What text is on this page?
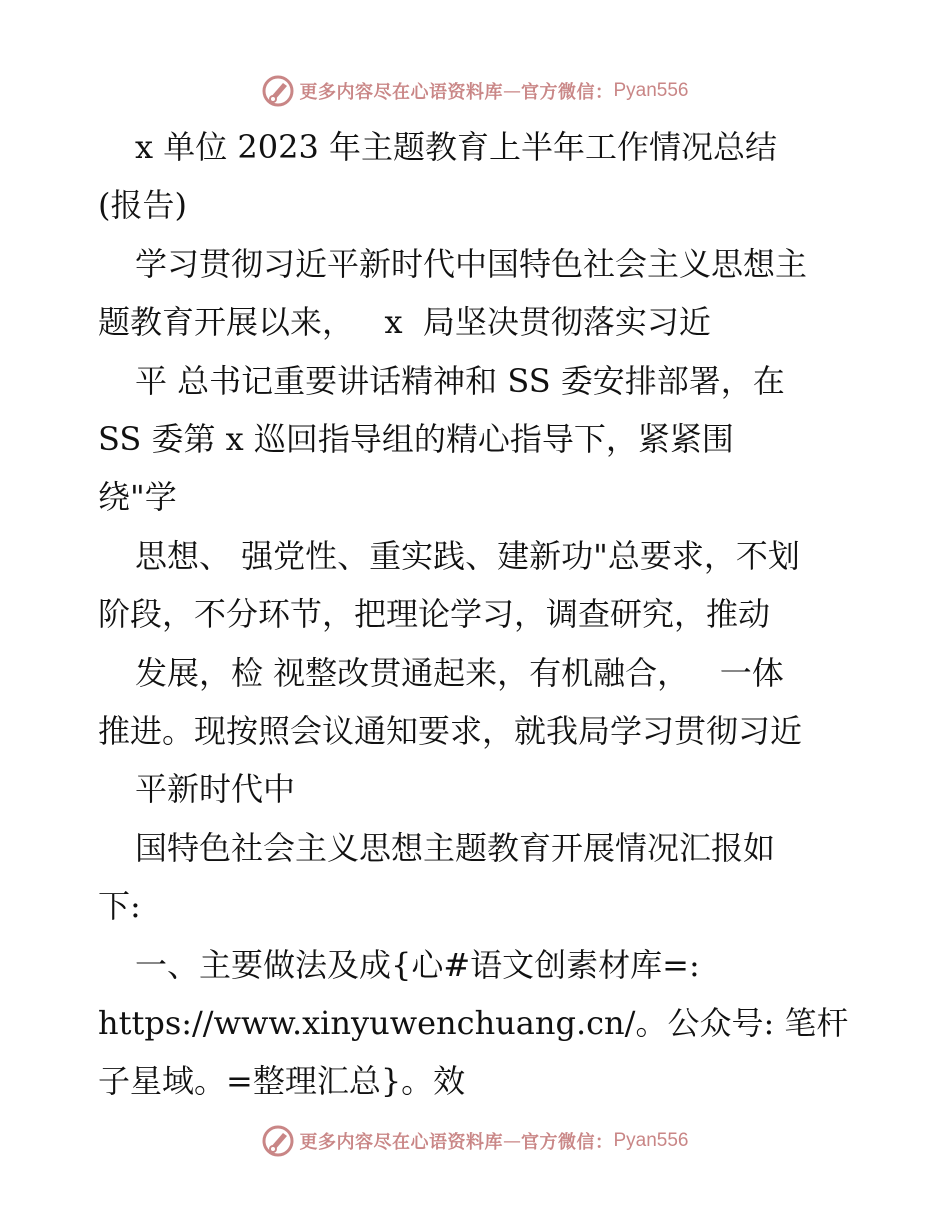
更多内容尽在心语资料库 — 官方微信： Pyan556
x 单位 2023 年主题教育上半年工作情况总结
(报告)
学习贯彻习近平新时代中国特色社会主义思想主
题教育开展以来，   x  局坚决贯彻落实习近
平 总书记重要讲话精神和 SS 委安排部署，在
SS 委第 x 巡回指导组的精心指导下，紧紧围
绕"学
思想、 强党性、重实践、建新功"总要求，不划
阶段，不分环节，把理论学习，调查研究，推动
发展，检 视整改贯通起来，有机融合，   一体
推进。现按照会议通知要求，就我局学习贯彻习近
平新时代中
国特色社会主义思想主题教育开展情况汇报如
下:
一、主要做法及成{心#语文创素材库=:
https://www.xinyuwenchuang.cn/。公众号: 笔杆
子星域。=整理汇总}。效
更多内容尽在心语资料库 — 官方微信： Pyan556
